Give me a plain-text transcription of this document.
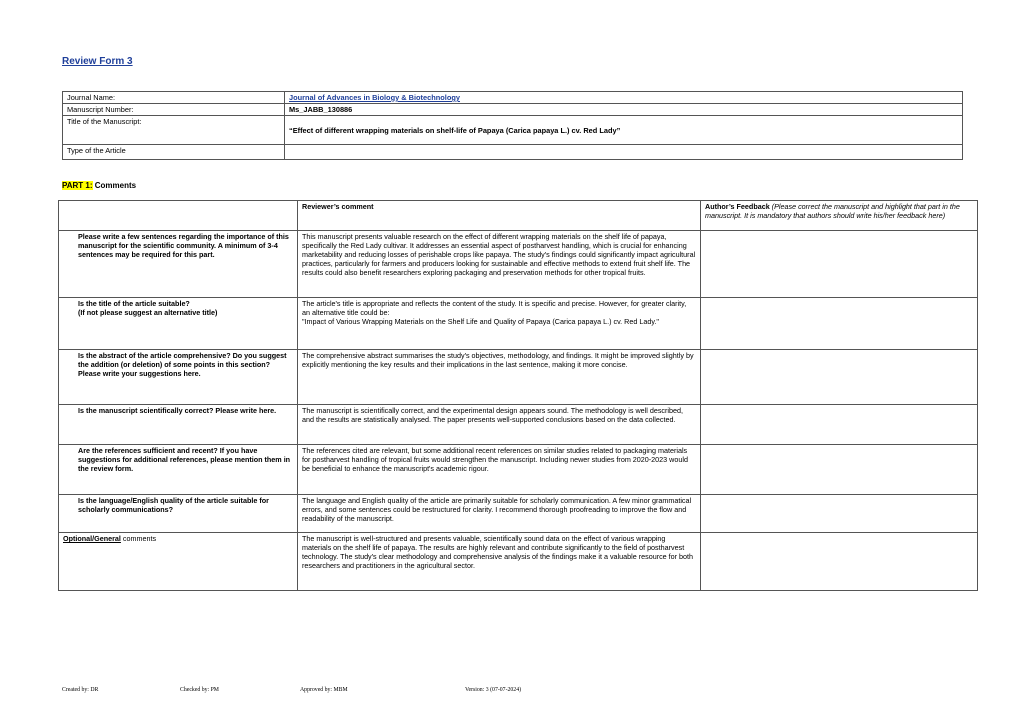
Review Form 3
Journal Name:	Journal of Advances in Biology & Biotechnology
Manuscript Number:	Ms_JABB_130886
Title of the Manuscript:	“Effect of different wrapping materials on shelf-life of Papaya (Carica papaya L.) cv. Red Lady”
Type of the Article	
PART 1: Comments
	Reviewer’s comment	Author’s Feedback (Please correct the manuscript and highlight that part in the manuscript. It is mandatory that authors should write his/her feedback here)
Please write a few sentences regarding the importance of this manuscript for the scientific community. A minimum of 3-4 sentences may be required for this part.	This manuscript presents valuable research on the effect of different wrapping materials on the shelf life of papaya, specifically the Red Lady cultivar. It addresses an essential aspect of postharvest handling, which is crucial for enhancing marketability and reducing losses of perishable crops like papaya. The study's findings could significantly impact agricultural practices, particularly for farmers and producers looking for sustainable and effective methods to extend fruit shelf life. The results could also benefit researchers exploring packaging and preservation methods for other tropical fruits.	
Is the title of the article suitable?
(If not please suggest an alternative title)	The article's title is appropriate and reflects the content of the study. It is specific and precise. However, for greater clarity, an alternative title could be:
"Impact of Various Wrapping Materials on the Shelf Life and Quality of Papaya (Carica papaya L.) cv. Red Lady."	
Is the abstract of the article comprehensive? Do you suggest the addition (or deletion) of some points in this section? Please write your suggestions here.	The comprehensive abstract summarises the study's objectives, methodology, and findings. It might be improved slightly by explicitly mentioning the key results and their implications in the last sentence, making it more concise.	
Is the manuscript scientifically correct? Please write here.	The manuscript is scientifically correct, and the experimental design appears sound. The methodology is well described, and the results are statistically analysed. The paper presents well-supported conclusions based on the data collected.	
Are the references sufficient and recent? If you have suggestions for additional references, please mention them in the review form.	The references cited are relevant, but some additional recent references on similar studies related to packaging materials for postharvest handling of tropical fruits would strengthen the manuscript. Including newer studies from 2020-2023 would be beneficial to enhance the manuscript's academic rigour.	
Is the language/English quality of the article suitable for scholarly communications?	The language and English quality of the article are primarily suitable for scholarly communication. A few minor grammatical errors, and some sentences could be restructured for clarity. I recommend thorough proofreading to improve the flow and readability of the manuscript.	
Optional/General comments	The manuscript is well-structured and presents valuable, scientifically sound data on the effect of various wrapping materials on the shelf life of papaya. The results are highly relevant and contribute significantly to the field of postharvest technology. The study's clear methodology and comprehensive analysis of the findings make it a valuable resource for both researchers and practitioners in the agricultural sector.	
Created by: DR	Checked by: PM	Approved by: MBM	Version: 3 (07-07-2024)
